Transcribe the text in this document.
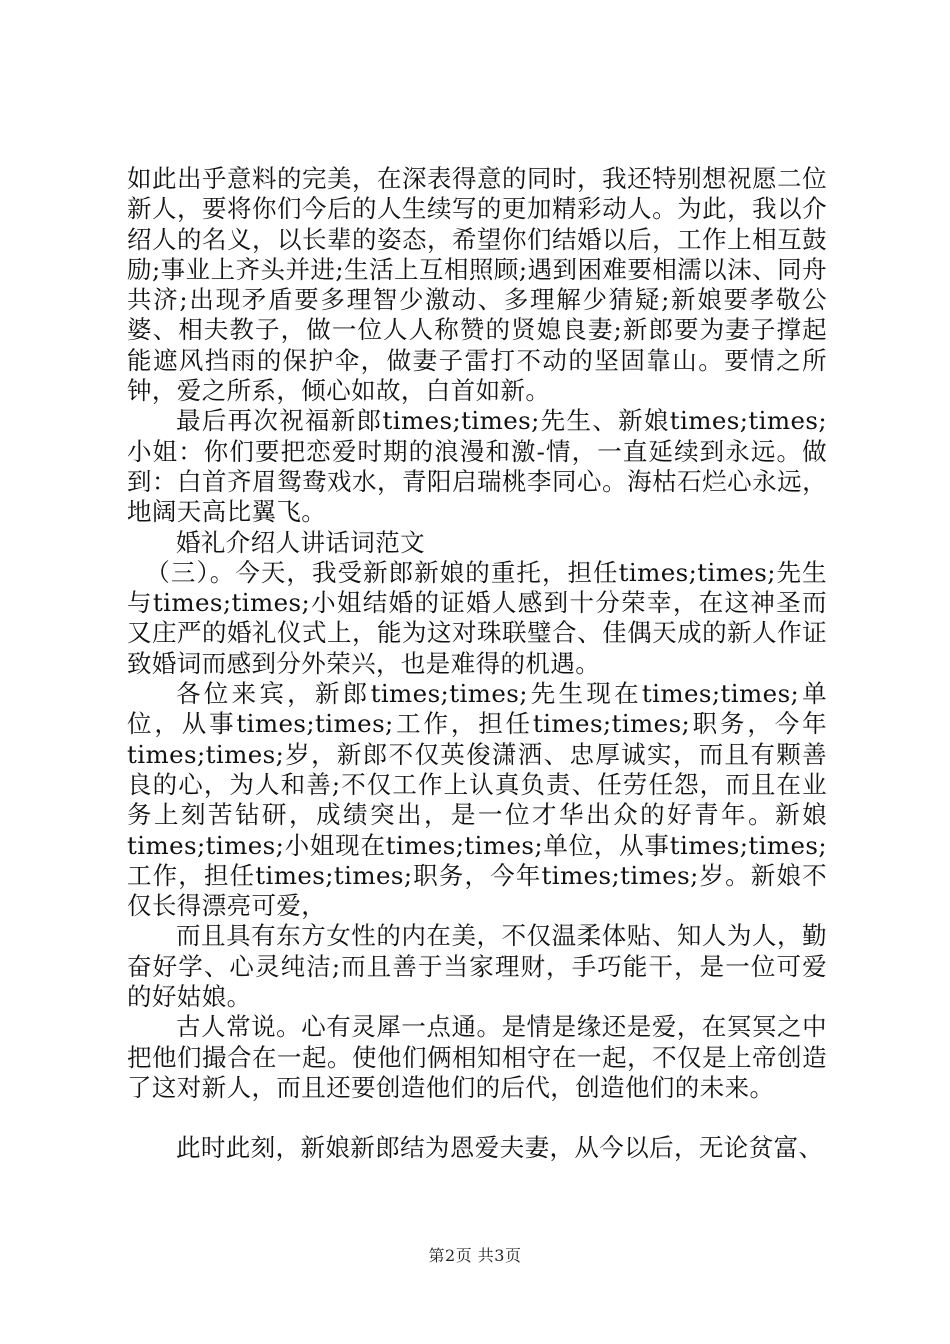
如此出乎意料的完美，在深表得意的同时，我还特别想祝愿二位新人，要将你们今后的人生续写的更加精彩动人。为此，我以介绍人的名义，以长辈的姿态，希望你们结婚以后，工作上相互鼓励;事业上齐头并进;生活上互相照顾;遇到困难要相濡以沫、同舟共济;出现矛盾要多理智少激动、多理解少猜疑;新娘要孝敬公婆、相夫教子，做一位人人称赞的贤媳良妻;新郎要为妻子撑起能遮风挡雨的保护伞，做妻子雷打不动的坚固靠山。要情之所钟，爱之所系，倾心如故，白首如新。

最后再次祝福新郎times;times;先生、新娘times;times;小姐：你们要把恋爱时期的浪漫和激-情，一直延续到永远。做到：白首齐眉鸳鸯戏水，青阳启瑞桃李同心。海枯石烂心永远，地阔天高比翼飞。

婚礼介绍人讲话词范文

（三）。今天，我受新郎新娘的重托，担任times;times;先生与times;times;小姐结婚的证婚人感到十分荣幸，在这神圣而又庄严的婚礼仪式上，能为这对珠联璧合、佳偶天成的新人作证致婚词而感到分外荣兴，也是难得的机遇。

各位来宾，新郎times;times;先生现在times;times;单位，从事times;times;工作，担任times;times;职务，今年times;times;岁，新郎不仅英俊潇洒、忠厚诚实，而且有颗善良的心，为人和善;不仅工作上认真负责、任劳任怨，而且在业务上刻苦钻研，成绩突出，是一位才华出众的好青年。新娘times;times;小姐现在times;times;单位，从事times;times;工作，担任times;times;职务，今年times;times;岁。新娘不仅长得漂亮可爱，

而且具有东方女性的内在美，不仅温柔体贴、知人为人，勤奋好学、心灵纯洁;而且善于当家理财，手巧能干，是一位可爱的好姑娘。

古人常说。心有灵犀一点通。是情是缘还是爱，在冥冥之中把他们撮合在一起。使他们俩相知相守在一起，不仅是上帝创造了这对新人，而且还要创造他们的后代，创造他们的未来。

此时此刻，新娘新郎结为恩爱夫妻，从今以后，无论贫富、

第2页 共3页
